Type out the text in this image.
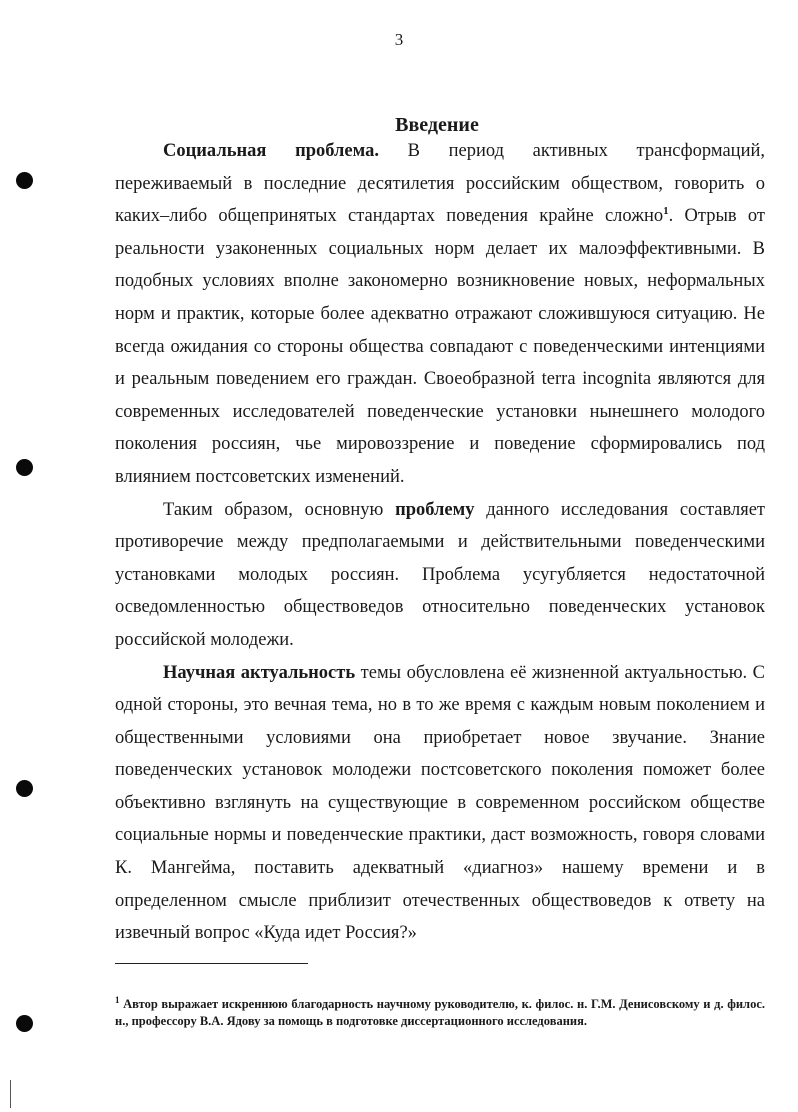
3
Введение

Социальная проблема. В период активных трансформаций, переживаемый в последние десятилетия российским обществом, говорить о каких–либо общепринятых стандартах поведения крайне сложно$^1$. Отрыв от реальности узаконенных социальных норм делает их малоэффективными. В подобных условиях вполне закономерно возникновение новых, неформальных норм и практик, которые более адекватно отражают сложившуюся ситуацию. Не всегда ожидания со стороны общества совпадают с поведенческими интенциями и реальным поведением его граждан. Своеобразной terra incognita являются для современных исследователей поведенческие установки нынешнего молодого поколения россиян, чье мировоззрение и поведение сформировались под влиянием постсоветских изменений.

Таким образом, основную проблему данного исследования составляет противоречие между предполагаемыми и действительными поведенческими установками молодых россиян. Проблема усугубляется недостаточной осведомленностью обществоведов относительно поведенческих установок российской молодежи.

Научная актуальность темы обусловлена её жизненной актуальностью. С одной стороны, это вечная тема, но в то же время с каждым новым поколением и общественными условиями она приобретает новое звучание. Знание поведенческих установок молодежи постсоветского поколения поможет более объективно взглянуть на существующие в современном российском обществе социальные нормы и поведенческие практики, даст возможность, говоря словами К. Мангейма, поставить адекватный «диагноз» нашему времени и в определенном смысле приблизит отечественных обществоведов к ответу на извечный вопрос «Куда идет Россия?»

$^1$ Автор выражает искреннюю благодарность научному руководителю, к. филос. н. Г.М. Денисовскому и д. филос. н., профессору В.А. Ядову за помощь в подготовке диссертационного исследования.
